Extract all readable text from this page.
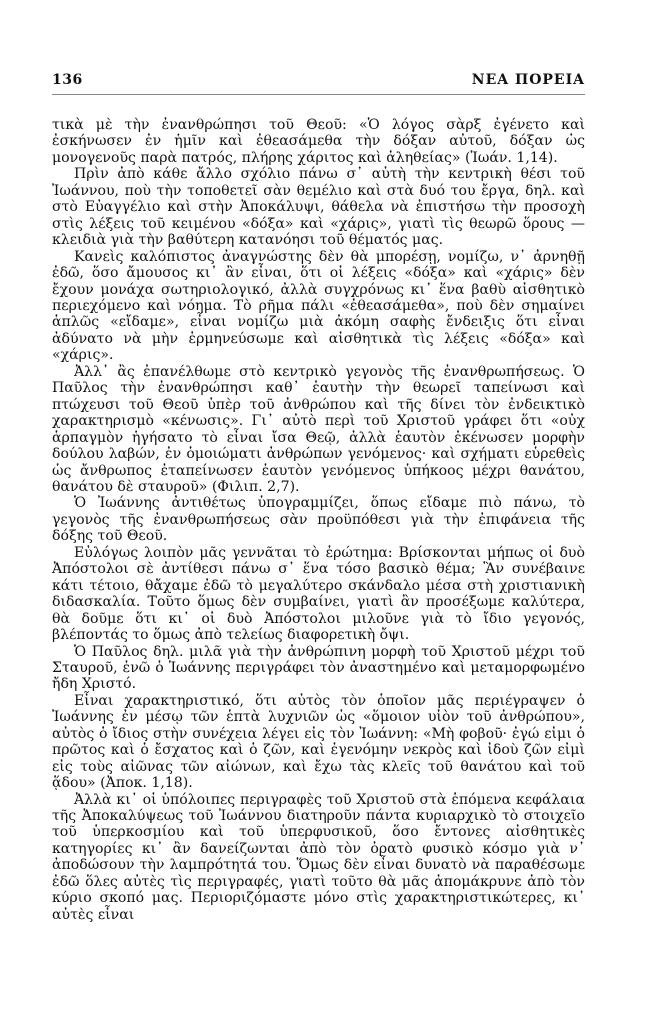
136	ΝΕΑ ΠΟΡΕΙΑ

τικὰ μὲ τὴν ἐνανθρώπησι τοῦ Θεοῦ: «Ὁ λόγος σὰρξ ἐγένετο καὶ ἐσκήνωσεν ἐν ἡμῖν καὶ ἐθεασάμεθα τὴν δόξαν αὐτοῦ, δόξαν ὡς μονογενοῦς παρὰ πατρός, πλήρης χάριτος καὶ ἀληθείας» (Ἰωάν. 1,14).

Πρὶν ἀπὸ κάθε ἄλλο σχόλιο πάνω σ᾽ αὐτὴ τὴν κεντρικὴ θέσι τοῦ Ἰωάννου, ποὺ τὴν τοποθετεῖ σὰν θεμέλιο καὶ στὰ δυό του ἔργα, δηλ. καὶ στὸ Εὐαγγέλιο καὶ στὴν Ἀποκάλυψι, θάθελα νὰ ἐπιστήσω τὴν προσοχὴ στὶς λέξεις τοῦ κειμένου «δόξα» καὶ «χάρις», γιατὶ τὶς θεωρῶ ὅρους — κλειδιὰ γιὰ τὴν βαθύτερη κατανόησι τοῦ θέματός μας.

Κανεὶς καλόπιστος ἀναγνώστης δὲν θὰ μπορέσῃ, νομίζω, ν᾽ ἀρνηθῇ ἐδῶ, ὅσο ἄμουσος κι᾽ ἂν εἶναι, ὅτι οἱ λέξεις «δόξα» καὶ «χάρις» δὲν ἔχουν μονάχα σωτηριολογικό, ἀλλὰ συγχρόνως κι᾽ ἕνα βαθὺ αἰσθητικὸ περιεχόμενο καὶ νόημα. Τὸ ρῆμα πάλι «ἐθεασάμεθα», ποὺ δὲν σημαίνει ἁπλῶς «εἴδαμε», εἶναι νομίζω μιὰ ἀκόμη σαφὴς ἔνδειξις ὅτι εἶναι ἀδύνατο νὰ μὴν ἑρμηνεύσωμε καὶ αἰσθητικὰ τὶς λέξεις «δόξα» καὶ «χάρις».

Ἀλλ᾽ ἂς ἐπανέλθωμε στὸ κεντρικὸ γεγονὸς τῆς ἐνανθρωπήσεως. Ὁ Παῦλος τὴν ἐνανθρώπησι καθ᾽ ἑαυτὴν τὴν θεωρεῖ ταπείνωσι καὶ πτώχευσι τοῦ Θεοῦ ὑπὲρ τοῦ ἀνθρώπου καὶ τῆς δίνει τὸν ἐνδεικτικὸ χαρακτηρισμὸ «κένωσις». Γι᾽ αὐτὸ περὶ τοῦ Χριστοῦ γράφει ὅτι «οὐχ ἁρπαγμὸν ἡγήσατο τὸ εἶναι ἴσα Θεῷ, ἀλλὰ ἑαυτὸν ἐκένωσεν μορφὴν δούλου λαβών, ἐν ὁμοιώματι ἀνθρώπων γενόμενος· καὶ σχήματι εὑρεθεὶς ὡς ἄνθρωπος ἐταπείνωσεν ἑαυτὸν γενόμενος ὑπήκοος μέχρι θανάτου, θανάτου δὲ σταυροῦ» (Φιλιπ. 2,7).

Ὁ Ἰωάννης ἀντιθέτως ὑπογραμμίζει, ὅπως εἴδαμε πιὸ πάνω, τὸ γεγονὸς τῆς ἐνανθρωπήσεως σὰν προϋπόθεσι γιὰ τὴν ἐπιφάνεια τῆς δόξης τοῦ Θεοῦ.

Εὐλόγως λοιπὸν μᾶς γεννᾶται τὸ ἐρώτημα: Βρίσκονται μήπως οἱ δυὸ Ἀπόστολοι σὲ ἀντίθεσι πάνω σ᾽ ἕνα τόσο βασικὸ θέμα; Ἂν συνέβαινε κάτι τέτοιο, θἄχαμε ἐδῶ τὸ μεγαλύτερο σκάνδαλο μέσα στὴ χριστιανικὴ διδασκαλία. Τοῦτο ὅμως δὲν συμβαίνει, γιατὶ ἂν προσέξωμε καλύτερα, θὰ δοῦμε ὅτι κι᾽ οἱ δυὸ Ἀπόστολοι μιλοῦνε γιὰ τὸ ἴδιο γεγονός, βλέποντάς το ὅμως ἀπὸ τελείως διαφορετικὴ ὄψι.

Ὁ Παῦλος δηλ. μιλᾶ γιὰ τὴν ἀνθρώπινη μορφὴ τοῦ Χριστοῦ μέχρι τοῦ Σταυροῦ, ἐνῶ ὁ Ἰωάννης περιγράφει τὸν ἀναστημένο καὶ μεταμορφωμένο ἤδη Χριστό.

Εἶναι χαρακτηριστικό, ὅτι αὐτὸς τὸν ὁποῖον μᾶς περιέγραψεν ὁ Ἰωάννης ἐν μέσῳ τῶν ἑπτὰ λυχνιῶν ὡς «ὅμοιον υἱὸν τοῦ ἀνθρώπου», αὐτὸς ὁ ἴδιος στὴν συνέχεια λέγει εἰς τὸν Ἰωάννη: «Μὴ φοβοῦ· ἐγώ εἰμι ὁ πρῶτος καὶ ὁ ἔσχατος καὶ ὁ ζῶν, καὶ ἐγενόμην νεκρὸς καὶ ἰδοὺ ζῶν εἰμὶ εἰς τοὺς αἰῶνας τῶν αἰώνων, καὶ ἔχω τὰς κλεῖς τοῦ θανάτου καὶ τοῦ ᾅδου» (Ἀποκ. 1,18).

Ἀλλὰ κι᾽ οἱ ὑπόλοιπες περιγραφὲς τοῦ Χριστοῦ στὰ ἑπόμενα κεφάλαια τῆς Ἀποκαλύψεως τοῦ Ἰωάννου διατηροῦν πάντα κυριαρχικὸ τὸ στοιχεῖο τοῦ ὑπερκοσμίου καὶ τοῦ ὑπερφυσικοῦ, ὅσο ἔντονες αἰσθητικὲς κατηγορίες κι᾽ ἂν δανείζωνται ἀπὸ τὸν ὁρατὸ φυσικὸ κόσμο γιὰ ν᾽ ἀποδώσουν τὴν λαμπρότητά του. Ὅμως δὲν εἶναι δυνατὸ νὰ παραθέσωμε ἐδῶ ὅλες αὐτὲς τὶς περιγραφές, γιατὶ τοῦτο θὰ μᾶς ἀπομάκρυνε ἀπὸ τὸν κύριο σκοπό μας. Περιοριζόμαστε μόνο στὶς χαρακτηριστικώτερες, κι᾽ αὐτὲς εἶναι
